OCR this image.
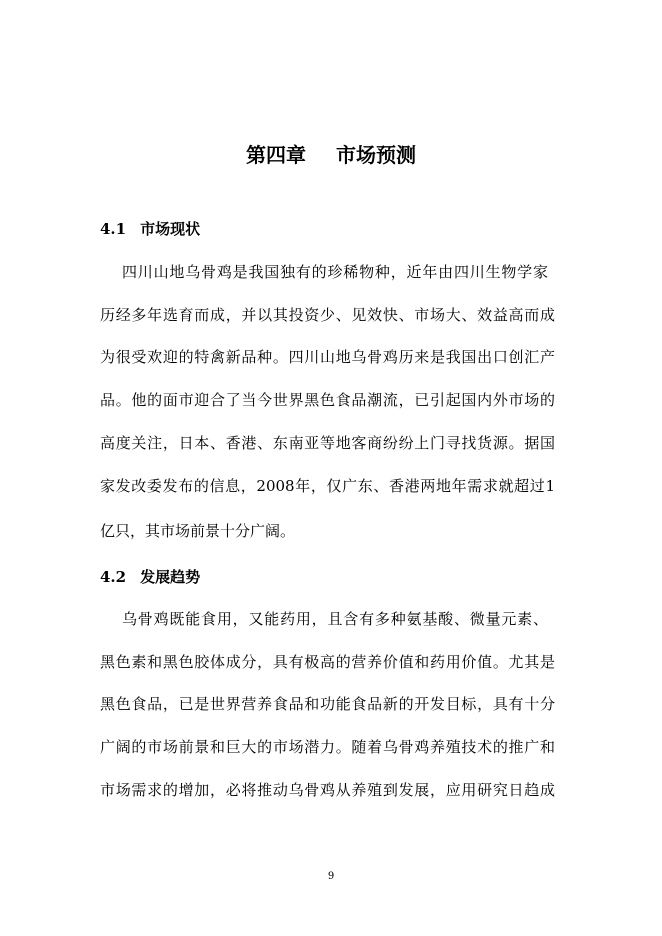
第四章 市场预测
4.1 市场现状
四川山地乌骨鸡是我国独有的珍稀物种，近年由四川生物学家
历经多年选育而成，并以其投资少、见效快、市场大、效益高而成
为很受欢迎的特禽新品种。四川山地乌骨鸡历来是我国出口创汇产
品。他的面市迎合了当今世界黑色食品潮流，已引起国内外市场的
高度关注，日本、香港、东南亚等地客商纷纷上门寻找货源。据国
家发改委发布的信息，2008年，仅广东、香港两地年需求就超过1
亿只，其市场前景十分广阔。
4.2 发展趋势
乌骨鸡既能食用，又能药用，且含有多种氨基酸、微量元素、
黑色素和黑色胶体成分，具有极高的营养价值和药用价值。尤其是
黑色食品，已是世界营养食品和功能食品新的开发目标，具有十分
广阔的市场前景和巨大的市场潜力。随着乌骨鸡养殖技术的推广和
市场需求的增加，必将推动乌骨鸡从养殖到发展，应用研究日趋成
9
